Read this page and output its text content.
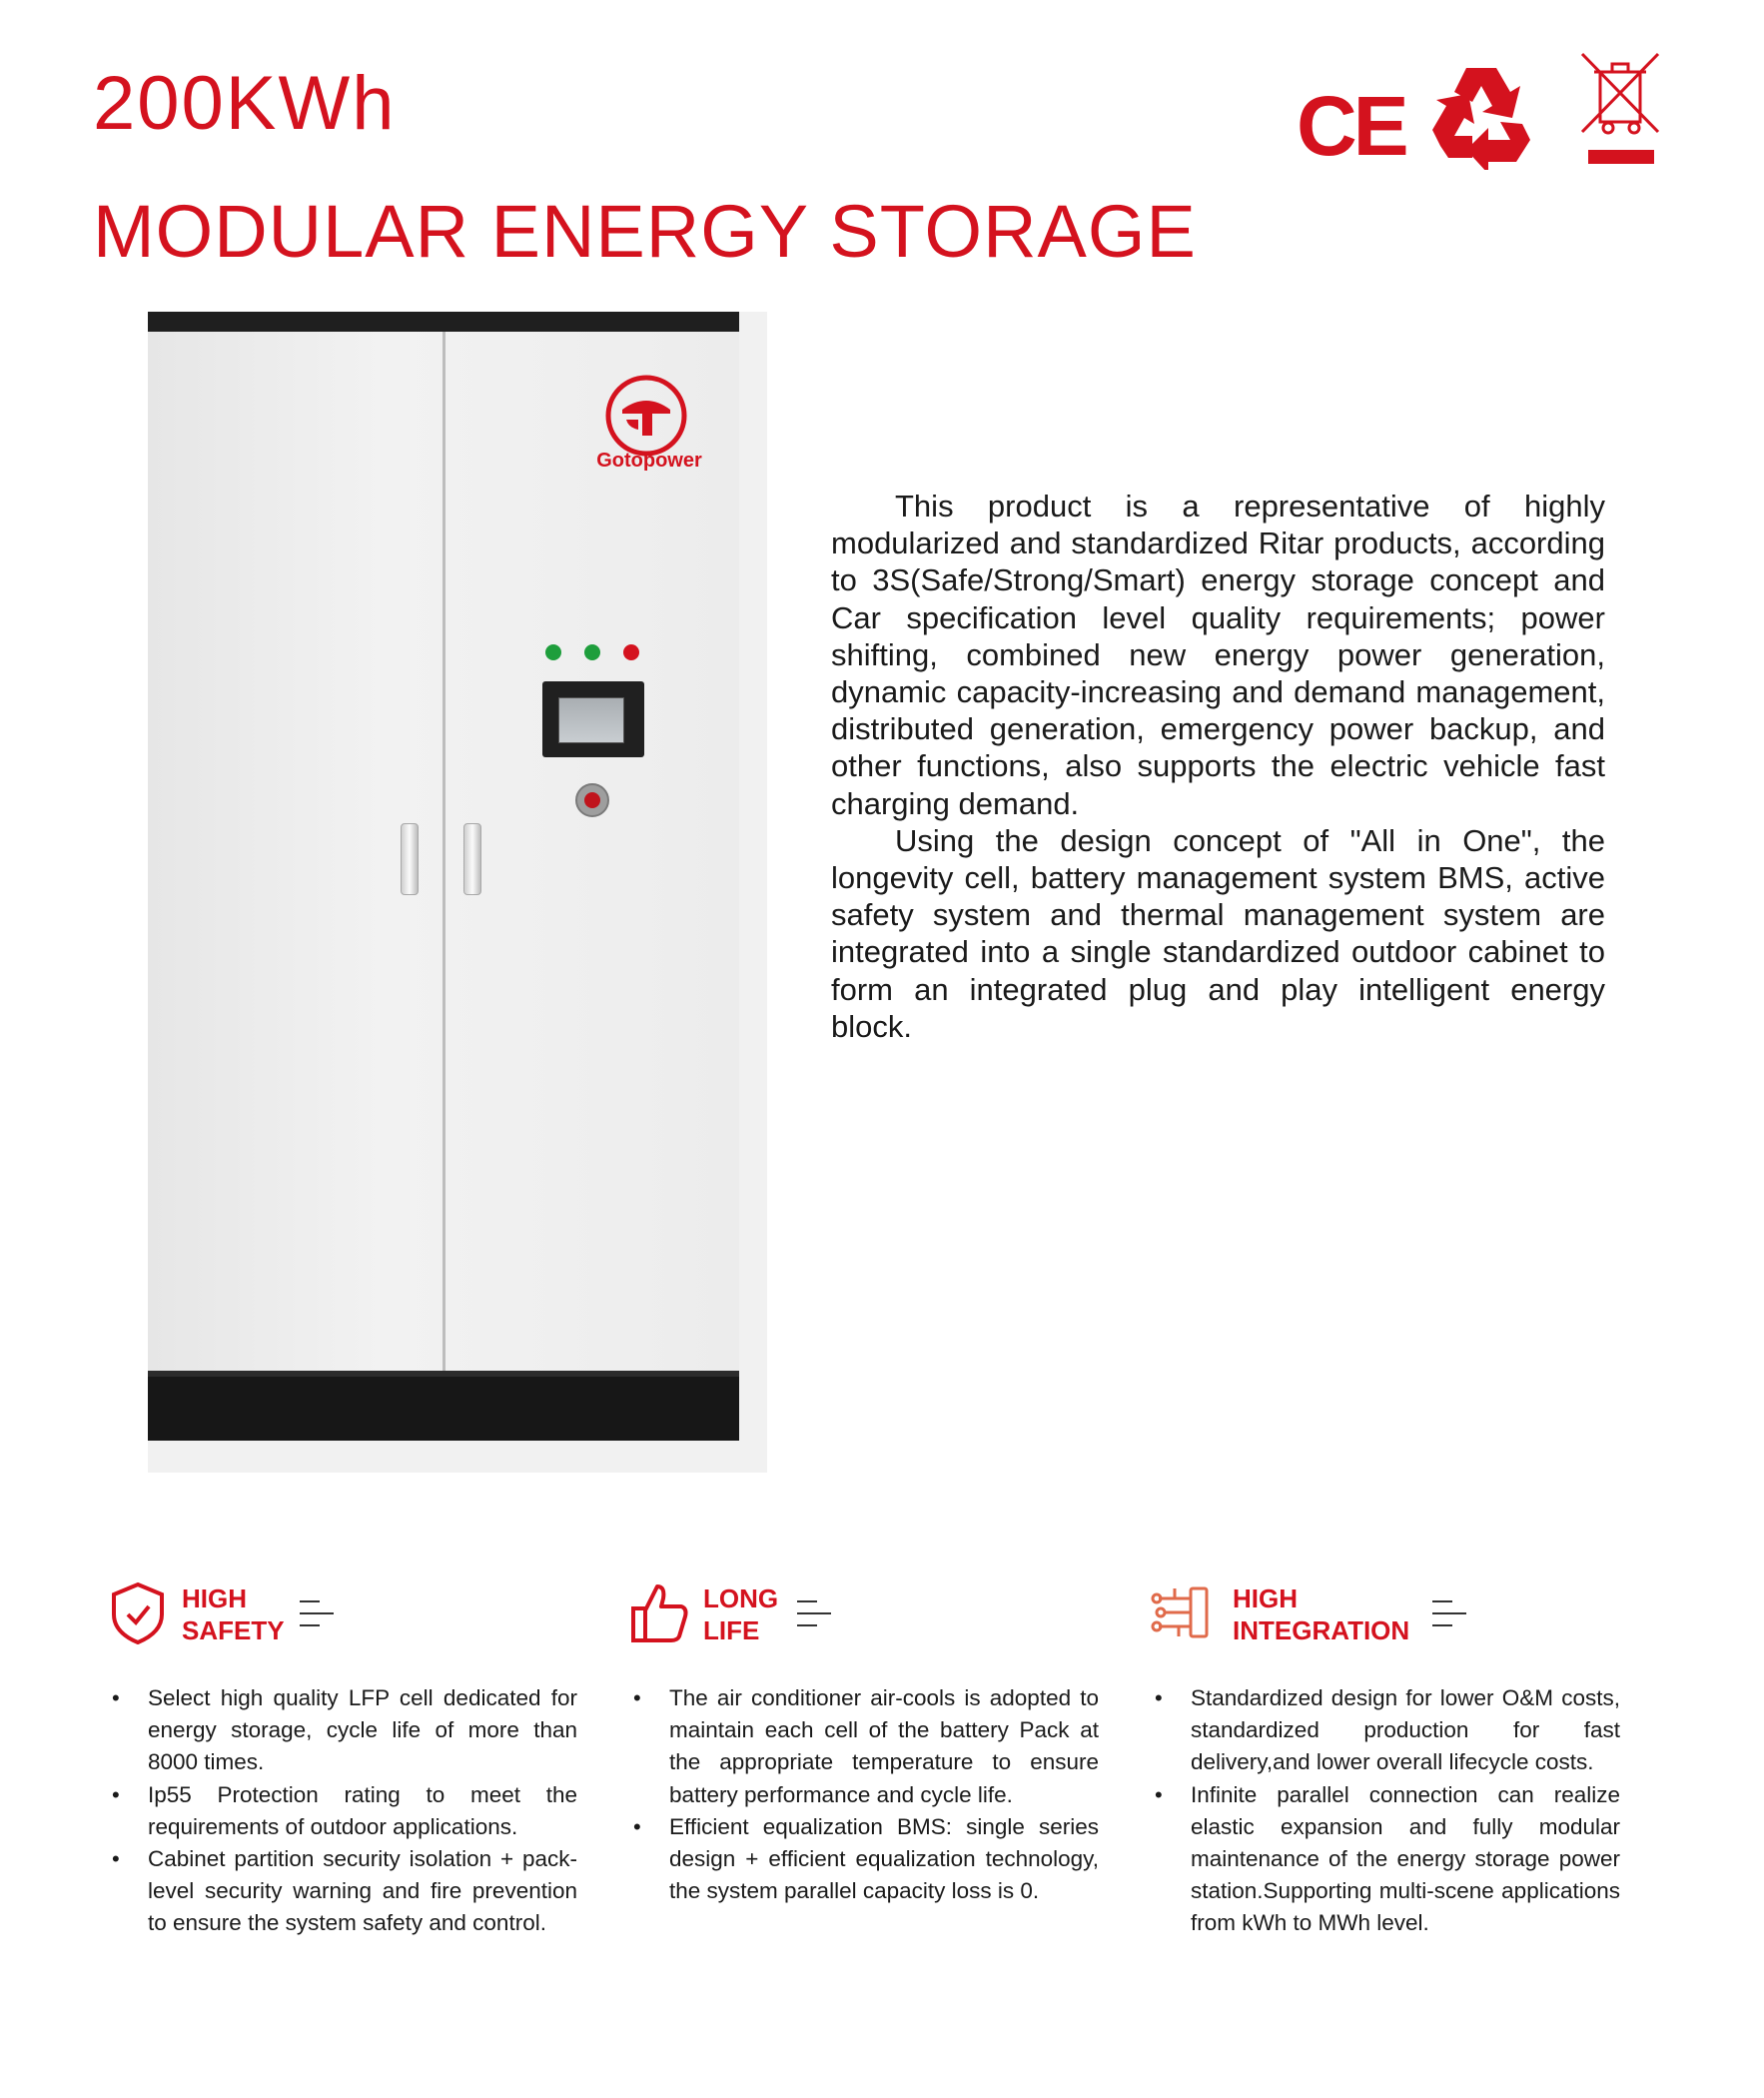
200KWh
MODULAR ENERGY STORAGE
CE
Gotopower

This product is a representative of highly modularized and standardized Ritar products, according to 3S(Safe/Strong/Smart) energy storage concept and Car specification level quality requirements; power shifting, combined new energy power generation, dynamic capacity-increasing and demand management, distributed generation, emergency power backup, and other functions, also supports the electric vehicle fast charging demand.

Using the design concept of "All in One", the longevity cell, battery management system BMS, active safety system and thermal management system are integrated into a single standardized outdoor cabinet to form an integrated plug and play intelligent energy block.

HIGH
SAFETY
• Select high quality LFP cell dedicated for energy storage, cycle life of more than 8000 times.
• Ip55 Protection rating to meet the requirements of outdoor applications.
• Cabinet partition security isolation + pack-level security warning and fire prevention to ensure the system safety and control.
LONG
LIFE
• The air conditioner air-cools is adopted to maintain each cell of the battery Pack at the appropriate temperature to ensure battery performance and cycle life.
• Efficient equalization BMS: single series design + efficient equalization technology, the system parallel capacity loss is 0.
HIGH
INTEGRATION
• Standardized design for lower O&M costs, standardized production for fast delivery,and lower overall lifecycle costs.
• Infinite parallel connection can realize elastic expansion and fully modular maintenance of the energy storage power station.Supporting multi-scene applications from kWh to MWh level.
